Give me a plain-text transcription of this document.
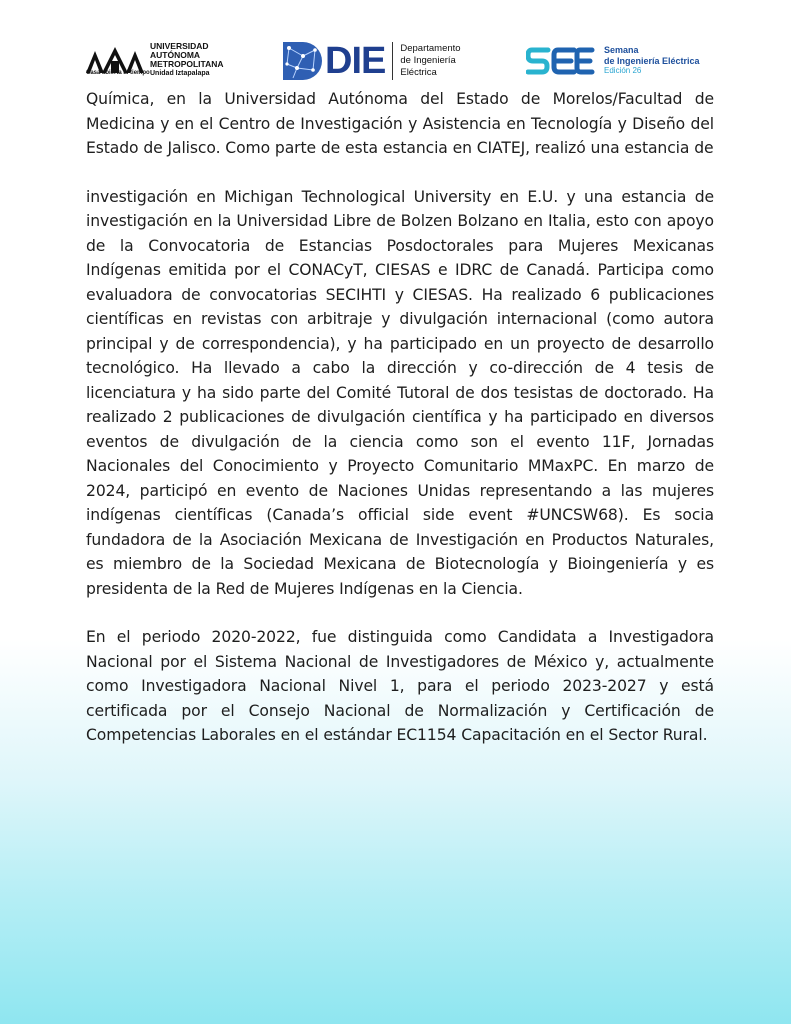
UNIVERSIDAD
AUTÓNOMA
METROPOLITANA
Unidad Iztapalapa
Casa abierta al tiempo	DIE Departamento
de Ingeniería
Eléctrica
Semana
de Ingeniería Eléctrica
Edición 26

Química, en la Universidad Autónoma del Estado de Morelos/Facultad de Medicina y en el Centro de Investigación y Asistencia en Tecnología y Diseño del Estado de Jalisco. Como parte de esta estancia en CIATEJ, realizó una estancia de

investigación en Michigan Technological University en E.U. y una estancia de investigación en la Universidad Libre de Bolzen Bolzano en Italia, esto con apoyo de la Convocatoria de Estancias Posdoctorales para Mujeres Mexicanas Indígenas emitida por el CONACyT, CIESAS e IDRC de Canadá. Participa como evaluadora de convocatorias SECIHTI y CIESAS. Ha realizado 6 publicaciones científicas en revistas con arbitraje y divulgación internacional (como autora principal y de correspondencia), y ha participado en un proyecto de desarrollo tecnológico. Ha llevado a cabo la dirección y co-dirección de 4 tesis de licenciatura y ha sido parte del Comité Tutoral de dos tesistas de doctorado. Ha realizado 2 publicaciones de divulgación científica y ha participado en diversos eventos de divulgación de la ciencia como son el evento 11F, Jornadas Nacionales del Conocimiento y Proyecto Comunitario MMaxPC. En marzo de 2024, participó en evento de Naciones Unidas representando a las mujeres indígenas científicas (Canada’s official side event #UNCSW68). Es socia fundadora de la Asociación Mexicana de Investigación en Productos Naturales, es miembro de la Sociedad Mexicana de Biotecnología y Bioingeniería y es presidenta de la Red de Mujeres Indígenas en la Ciencia.

En el periodo 2020-2022, fue distinguida como Candidata a Investigadora Nacional por el Sistema Nacional de Investigadores de México y, actualmente como Investigadora Nacional Nivel 1, para el periodo 2023-2027 y está certificada por el Consejo Nacional de Normalización y Certificación de Competencias Laborales en el estándar EC1154 Capacitación en el Sector Rural.
